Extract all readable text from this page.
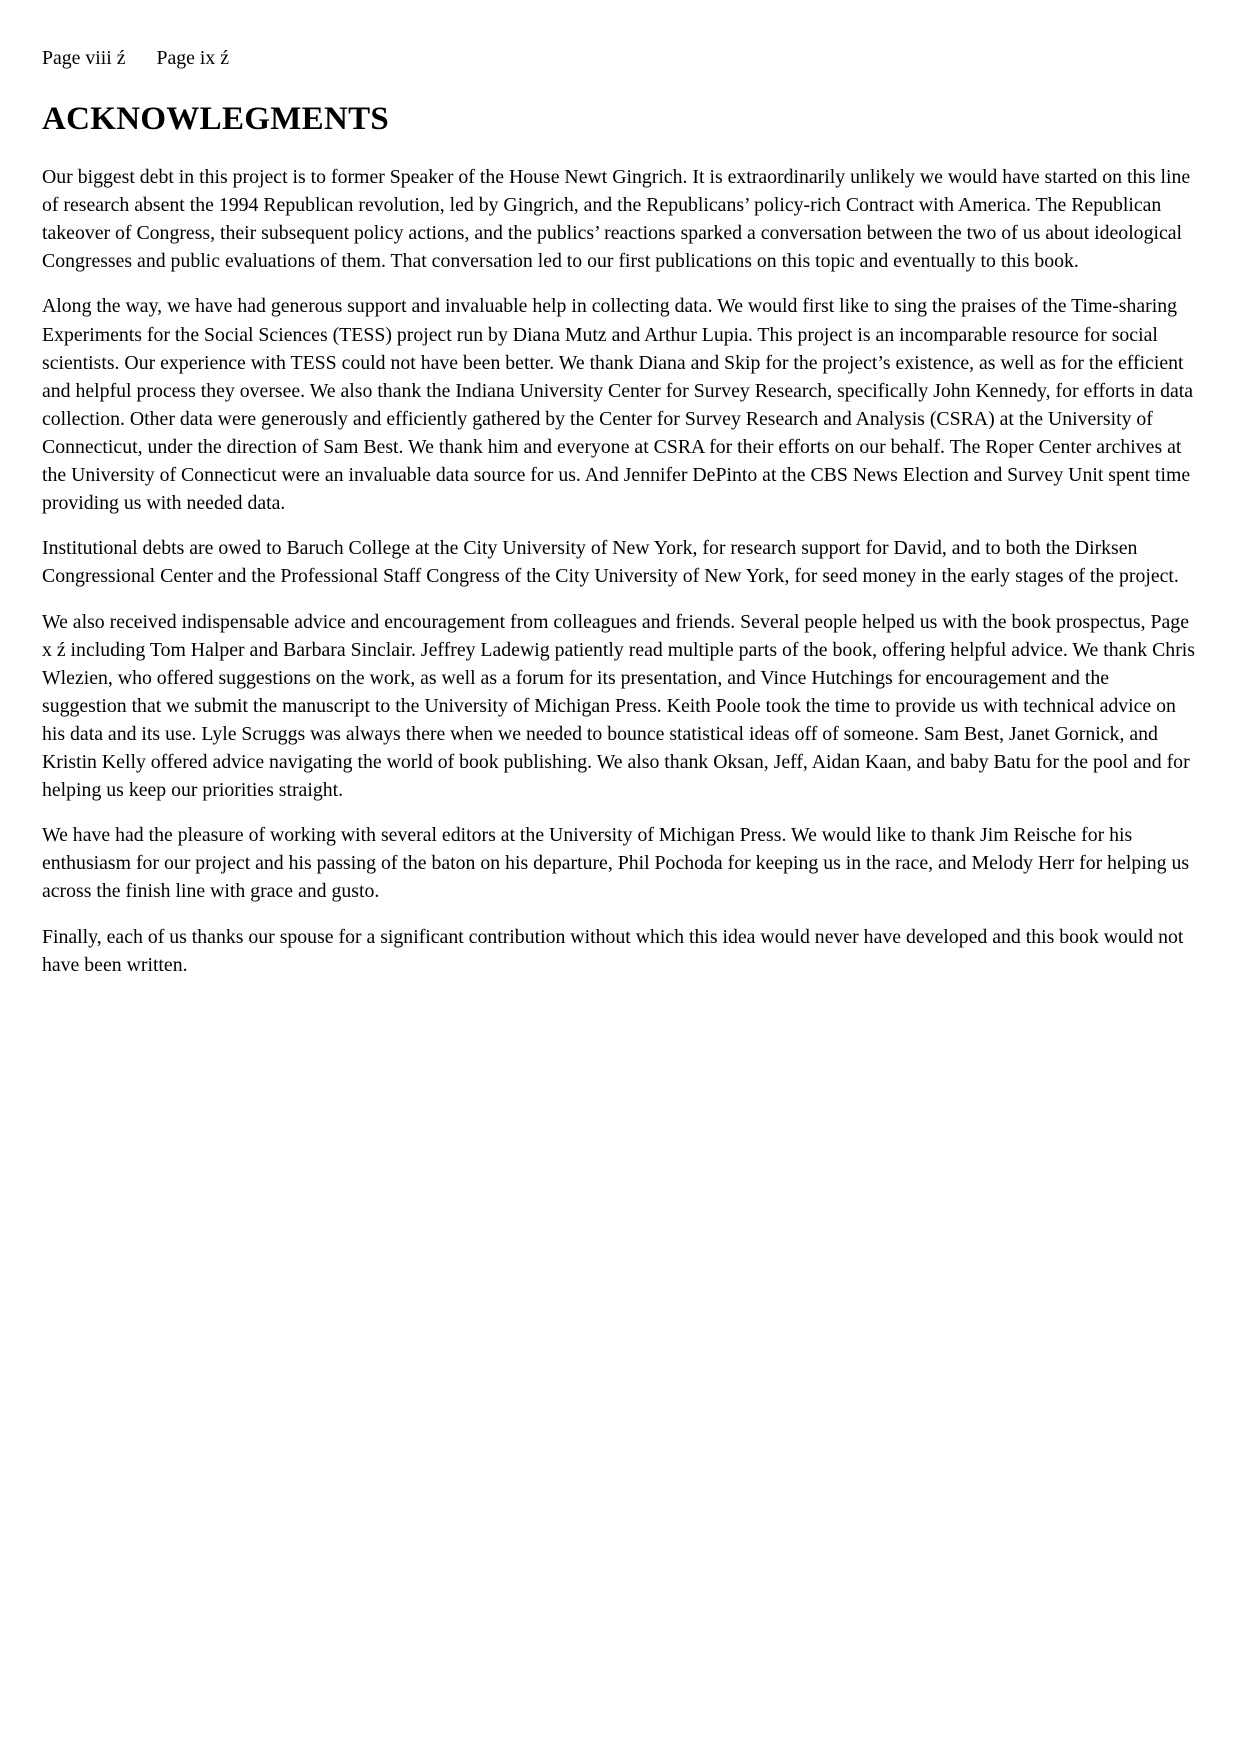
Page viii ź Page ix ź
ACKNOWLEGMENTS

Our biggest debt in this project is to former Speaker of the House Newt Gingrich. It is extraordinarily unlikely we would have started on this line of research absent the 1994 Republican revolution, led by Gingrich, and the Republicans’ policy-rich Contract with America. The Republican takeover of Congress, their subsequent policy actions, and the publics’ reactions sparked a conversation between the two of us about ideological Congresses and public evaluations of them. That conversation led to our first publications on this topic and eventually to this book.

Along the way, we have had generous support and invaluable help in collecting data. We would first like to sing the praises of the Time-sharing Experiments for the Social Sciences (TESS) project run by Diana Mutz and Arthur Lupia. This project is an incomparable resource for social scientists. Our experience with TESS could not have been better. We thank Diana and Skip for the project’s existence, as well as for the efficient and helpful process they oversee. We also thank the Indiana University Center for Survey Research, specifically John Kennedy, for efforts in data collection. Other data were generously and efficiently gathered by the Center for Survey Research and Analysis (CSRA) at the University of Connecticut, under the direction of Sam Best. We thank him and everyone at CSRA for their efforts on our behalf. The Roper Center archives at the University of Connecticut were an invaluable data source for us. And Jennifer DePinto at the CBS News Election and Survey Unit spent time providing us with needed data.

Institutional debts are owed to Baruch College at the City University of New York, for research support for David, and to both the Dirksen Congressional Center and the Professional Staff Congress of the City University of New York, for seed money in the early stages of the project.

We also received indispensable advice and encouragement from colleagues and friends. Several people helped us with the book prospectus, Page x ź including Tom Halper and Barbara Sinclair. Jeffrey Ladewig patiently read multiple parts of the book, offering helpful advice. We thank Chris Wlezien, who offered suggestions on the work, as well as a forum for its presentation, and Vince Hutchings for encouragement and the suggestion that we submit the manuscript to the University of Michigan Press. Keith Poole took the time to provide us with technical advice on his data and its use. Lyle Scruggs was always there when we needed to bounce statistical ideas off of someone. Sam Best, Janet Gornick, and Kristin Kelly offered advice navigating the world of book publishing. We also thank Oksan, Jeff, Aidan Kaan, and baby Batu for the pool and for helping us keep our priorities straight.

We have had the pleasure of working with several editors at the University of Michigan Press. We would like to thank Jim Reische for his enthusiasm for our project and his passing of the baton on his departure, Phil Pochoda for keeping us in the race, and Melody Herr for helping us across the finish line with grace and gusto.

Finally, each of us thanks our spouse for a significant contribution without which this idea would never have developed and this book would not have been written.
